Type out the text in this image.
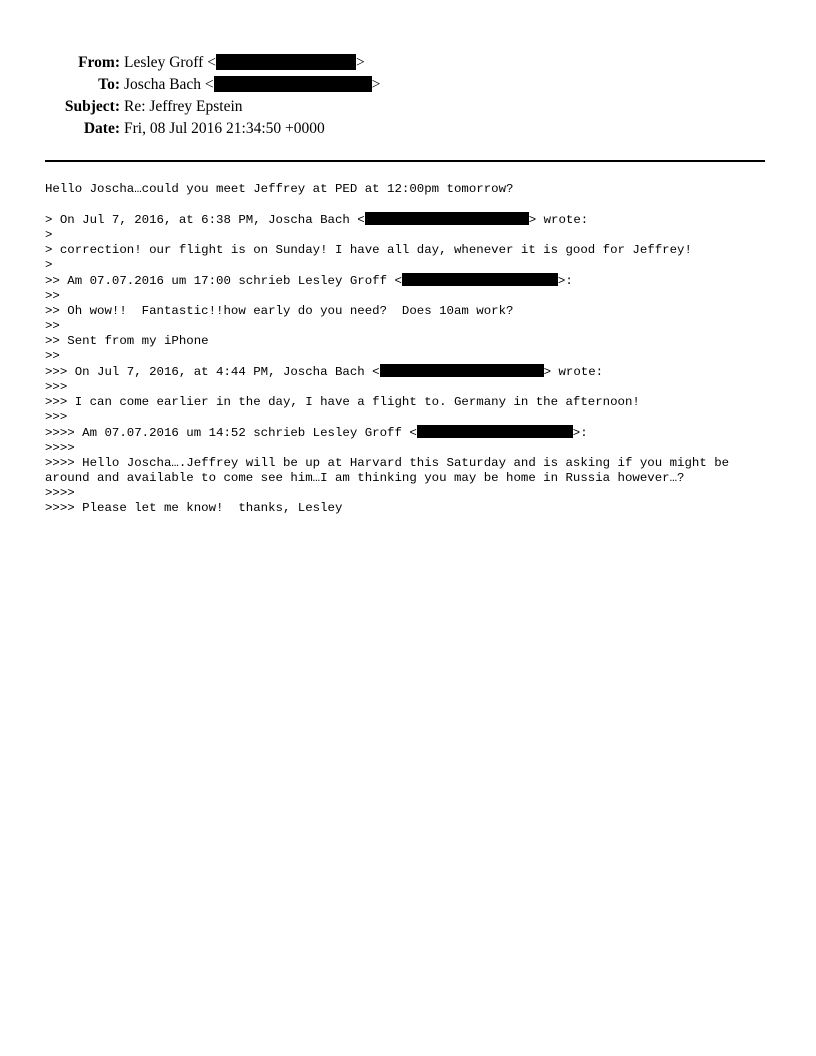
From: Lesley Groff <	>
To: Joscha Bach <	>
Subject: Re: Jeffrey Epstein
Date: Fri, 08 Jul 2016 21:34:50 +0000
Hello Joscha…could you meet Jeffrey at PED at 12:00pm tomorrow?
> On Jul 7, 2016, at 6:38 PM, Joscha Bach <	> wrote:
>
> correction! our flight is on Sunday! I have all day, whenever it is good for Jeffrey!
>
>> Am 07.07.2016 um 17:00 schrieb Lesley Groff <	>:
>>
>> Oh wow!!  Fantastic!!how early do you need?  Does 10am work?
>>
>> Sent from my iPhone
>>
>>> On Jul 7, 2016, at 4:44 PM, Joscha Bach <	> wrote:
>>>
>>> I can come earlier in the day, I have a flight to. Germany in the afternoon!
>>>
>>>> Am 07.07.2016 um 14:52 schrieb Lesley Groff <	>:
>>>>
>>>> Hello Joscha….Jeffrey will be up at Harvard this Saturday and is asking if you might be around and available to come see him…I am thinking you may be home in Russia however…?
>>>>
>>>> Please let me know!  thanks, Lesley
